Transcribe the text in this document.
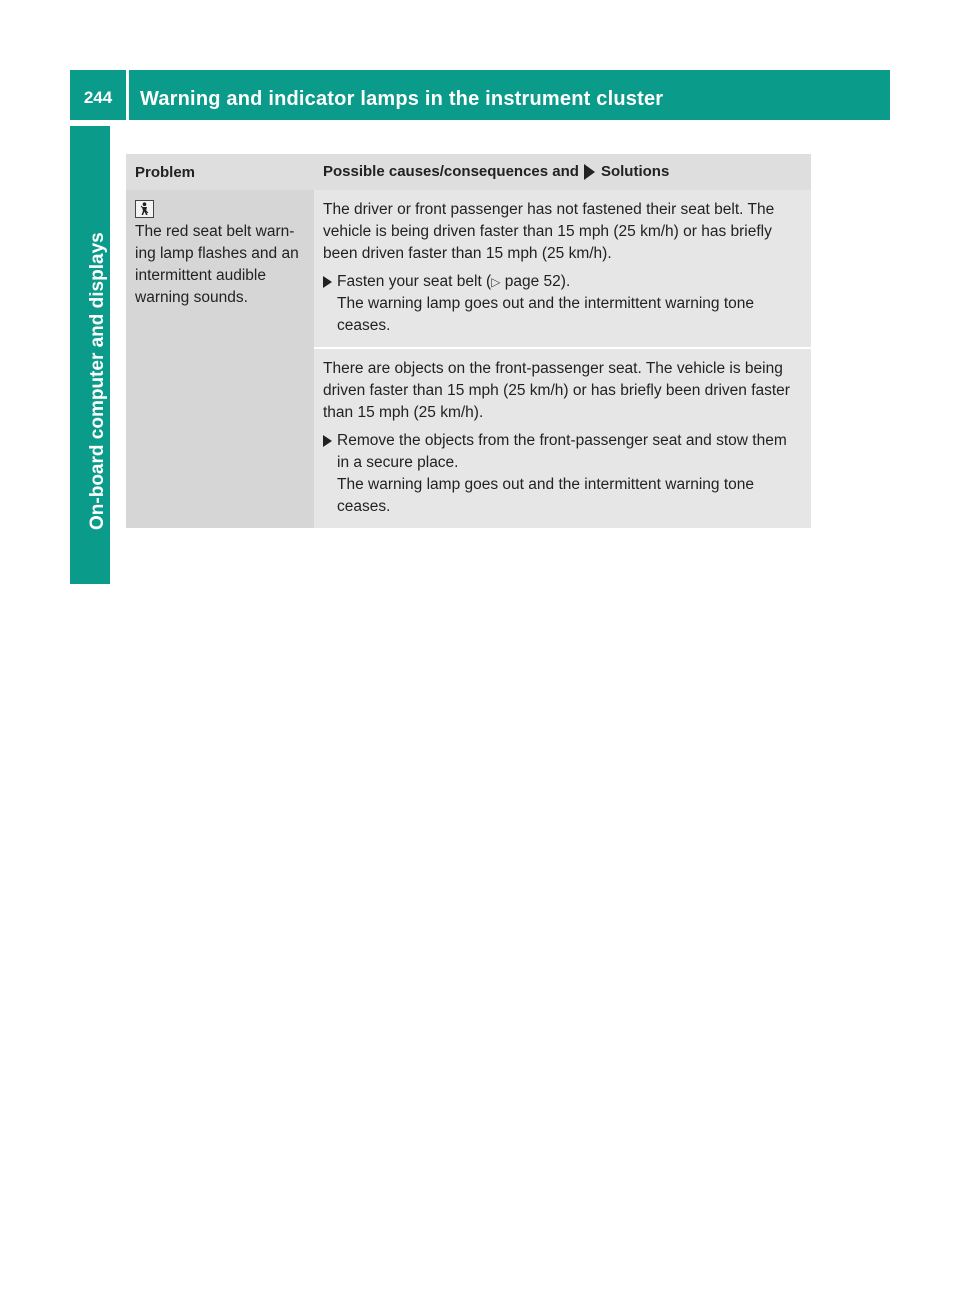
244	Warning and indicator lamps in the instrument cluster
On-board computer and displays
Problem	Possible causes/consequences and Solutions

The red seat belt warn-ing lamp flashes and an intermittent audible warning sounds.

The driver or front passenger has not fastened their seat belt. The vehicle is being driven faster than 15 mph (25 km/h) or has briefly been driven faster than 15 mph (25 km/h).

Fasten your seat belt (▷ page 52).

The warning lamp goes out and the intermittent warning tone ceases.

There are objects on the front-passenger seat. The vehicle is being driven faster than 15 mph (25 km/h) or has briefly been driven faster than 15 mph (25 km/h).

Remove the objects from the front-passenger seat and stow them in a secure place.

The warning lamp goes out and the intermittent warning tone ceases.
